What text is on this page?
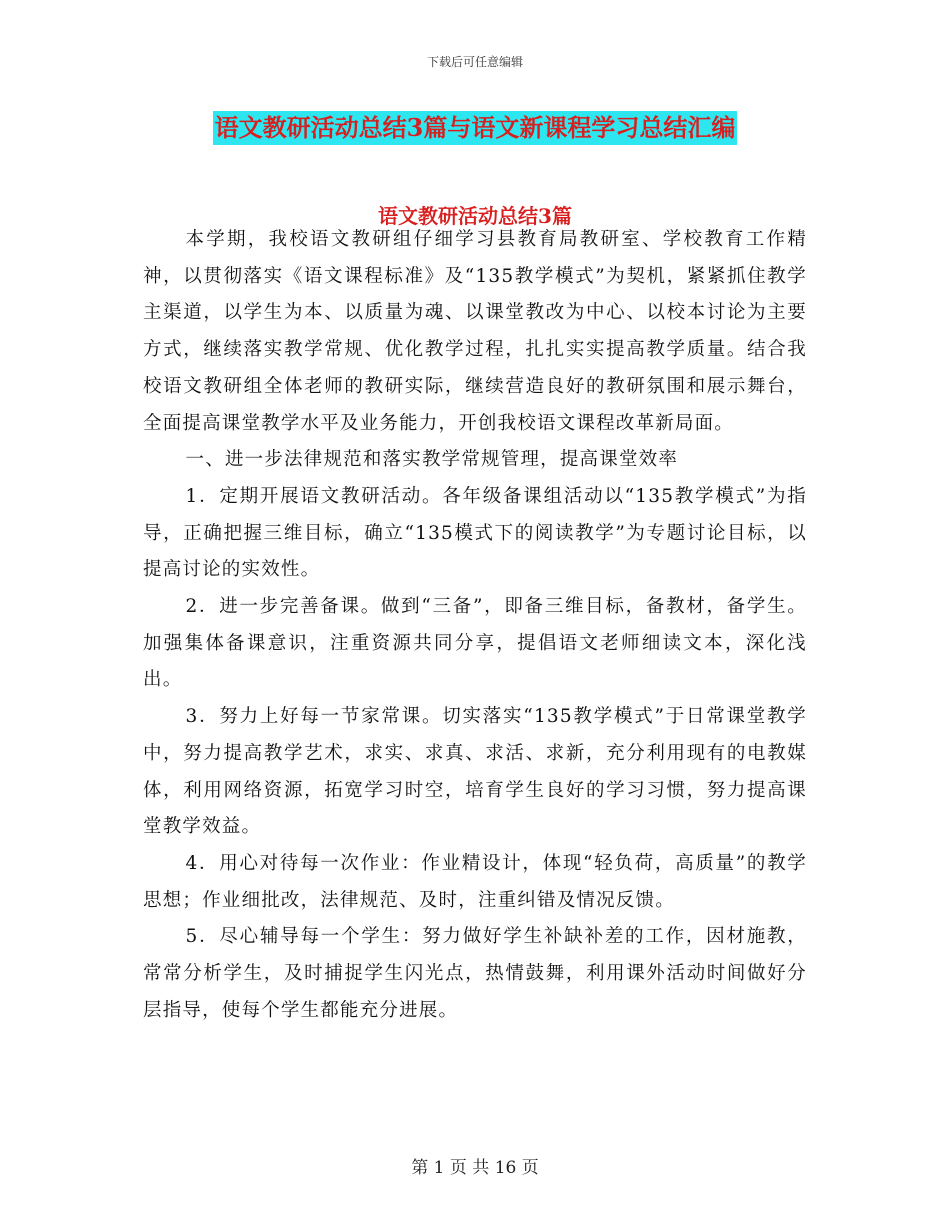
下载后可任意编辑
语文教研活动总结3篇与语文新课程学习总结汇编
语文教研活动总结3篇

本学期，我校语文教研组仔细学习县教育局教研室、学校教育工作精神，以贯彻落实《语文课程标准》及“135教学模式”为契机，紧紧抓住教学主渠道，以学生为本、以质量为魂、以课堂教改为中心、以校本讨论为主要方式，继续落实教学常规、优化教学过程，扎扎实实提高教学质量。结合我校语文教研组全体老师的教研实际，继续营造良好的教研氛围和展示舞台，全面提高课堂教学水平及业务能力，开创我校语文课程改革新局面。

一、进一步法律规范和落实教学常规管理，提高课堂效率

1．定期开展语文教研活动。各年级备课组活动以“135教学模式”为指导，正确把握三维目标，确立“135模式下的阅读教学”为专题讨论目标，以提高讨论的实效性。

2．进一步完善备课。做到“三备”，即备三维目标，备教材，备学生。加强集体备课意识，注重资源共同分享，提倡语文老师细读文本，深化浅出。

3．努力上好每一节家常课。切实落实“135教学模式”于日常课堂教学中，努力提高教学艺术，求实、求真、求活、求新，充分利用现有的电教媒体，利用网络资源，拓宽学习时空，培育学生良好的学习习惯，努力提高课堂教学效益。

4．用心对待每一次作业：作业精设计，体现“轻负荷，高质量”的教学思想；作业细批改，法律规范、及时，注重纠错及情况反馈。

5．尽心辅导每一个学生：努力做好学生补缺补差的工作，因材施教，常常分析学生，及时捕捉学生闪光点，热情鼓舞，利用课外活动时间做好分层指导，使每个学生都能充分进展。

第 1 页 共 16 页
